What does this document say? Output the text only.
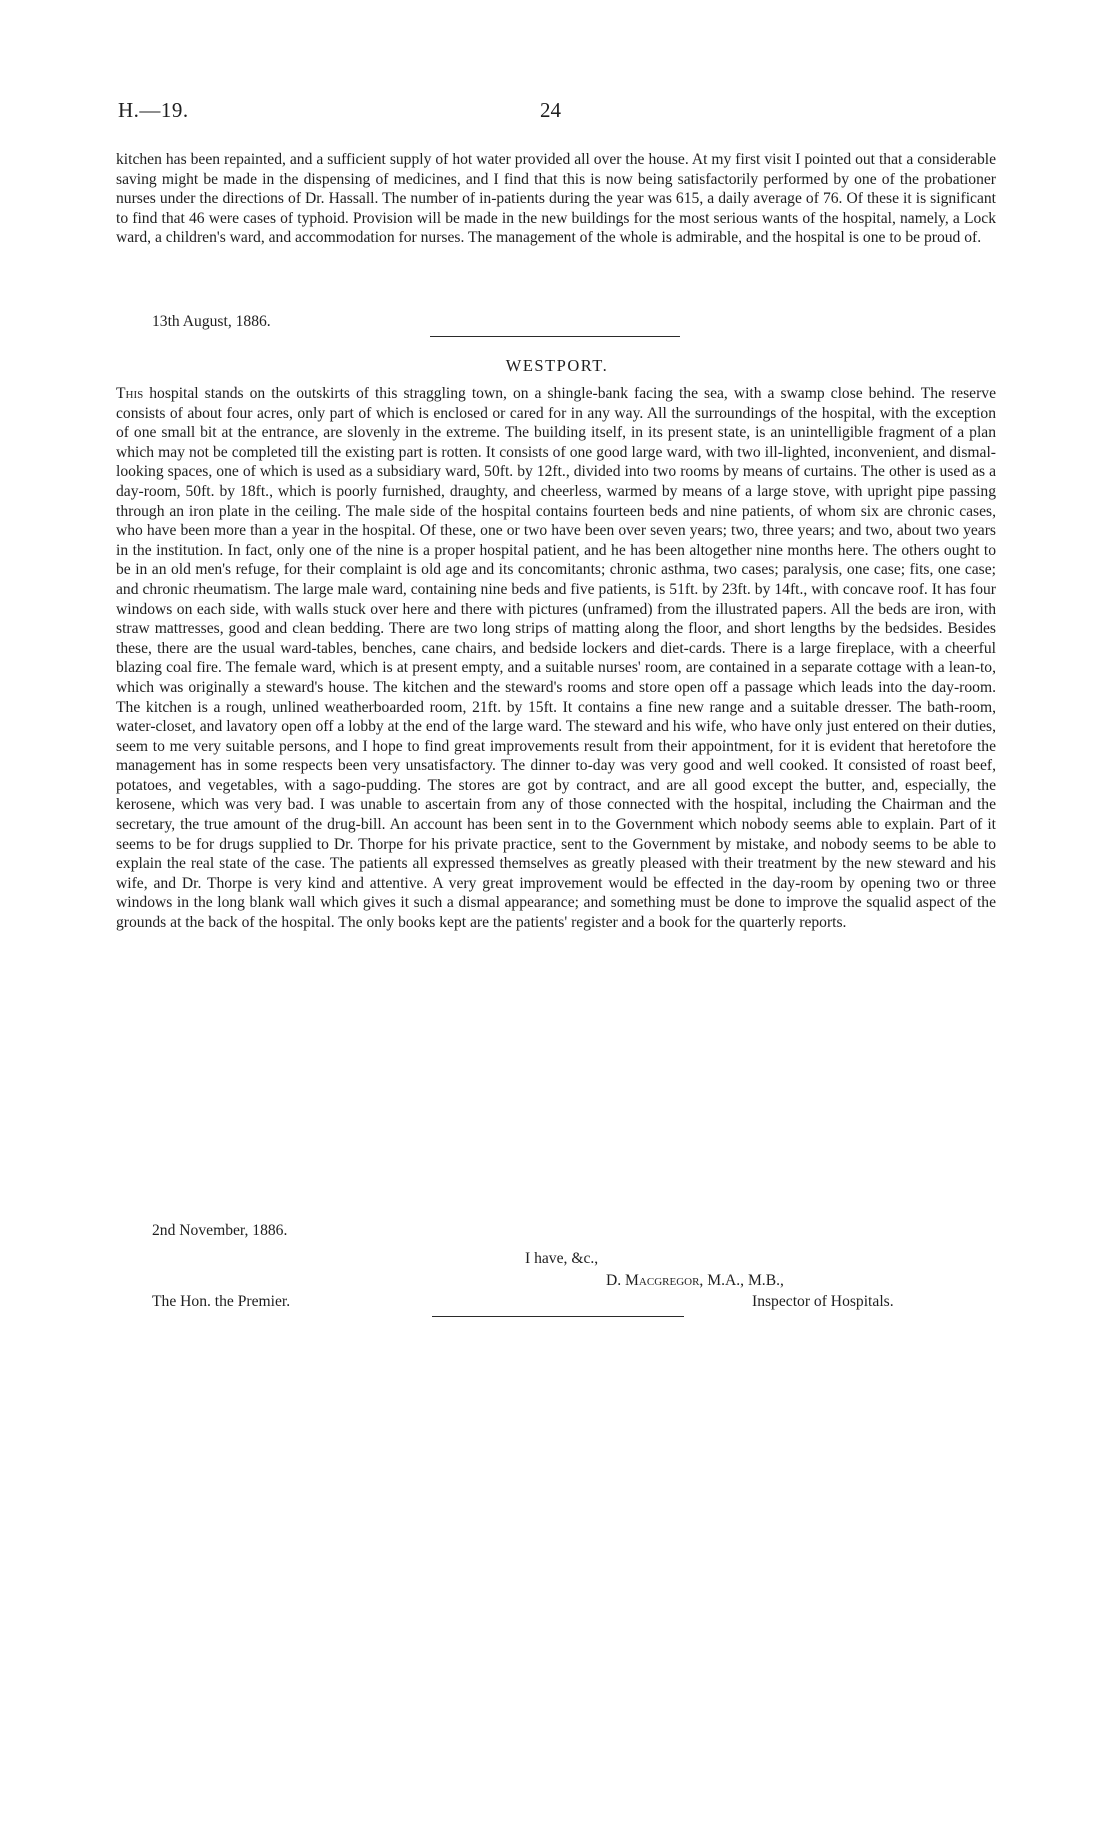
H.—19.	24
kitchen has been repainted, and a sufficient supply of hot water provided all over the house. At my first visit I pointed out that a considerable saving might be made in the dispensing of medicines, and I find that this is now being satisfactorily performed by one of the probationer nurses under the directions of Dr. Hassall. The number of in-patients during the year was 615, a daily average of 76. Of these it is significant to find that 46 were cases of typhoid. Provision will be made in the new buildings for the most serious wants of the hospital, namely, a Lock ward, a children's ward, and accommodation for nurses. The management of the whole is admirable, and the hospital is one to be proud of.
13th August, 1886.
WESTPORT.
This hospital stands on the outskirts of this straggling town, on a shingle-bank facing the sea, with a swamp close behind. The reserve consists of about four acres, only part of which is enclosed or cared for in any way. All the surroundings of the hospital, with the exception of one small bit at the entrance, are slovenly in the extreme. The building itself, in its present state, is an unintelligible fragment of a plan which may not be completed till the existing part is rotten. It consists of one good large ward, with two ill-lighted, inconvenient, and dismal-looking spaces, one of which is used as a subsidiary ward, 50ft. by 12ft., divided into two rooms by means of curtains. The other is used as a day-room, 50ft. by 18ft., which is poorly furnished, draughty, and cheerless, warmed by means of a large stove, with upright pipe passing through an iron plate in the ceiling. The male side of the hospital contains fourteen beds and nine patients, of whom six are chronic cases, who have been more than a year in the hospital. Of these, one or two have been over seven years; two, three years; and two, about two years in the institution. In fact, only one of the nine is a proper hospital patient, and he has been altogether nine months here. The others ought to be in an old men's refuge, for their complaint is old age and its concomitants; chronic asthma, two cases; paralysis, one case; fits, one case; and chronic rheumatism. The large male ward, containing nine beds and five patients, is 51ft. by 23ft. by 14ft., with concave roof. It has four windows on each side, with walls stuck over here and there with pictures (unframed) from the illustrated papers. All the beds are iron, with straw mattresses, good and clean bedding. There are two long strips of matting along the floor, and short lengths by the bedsides. Besides these, there are the usual ward-tables, benches, cane chairs, and bedside lockers and diet-cards. There is a large fireplace, with a cheerful blazing coal fire. The female ward, which is at present empty, and a suitable nurses' room, are contained in a separate cottage with a lean-to, which was originally a steward's house. The kitchen and the steward's rooms and store open off a passage which leads into the day-room. The kitchen is a rough, unlined weatherboarded room, 21ft. by 15ft. It contains a fine new range and a suitable dresser. The bath-room, water-closet, and lavatory open off a lobby at the end of the large ward. The steward and his wife, who have only just entered on their duties, seem to me very suitable persons, and I hope to find great improvements result from their appointment, for it is evident that heretofore the management has in some respects been very unsatisfactory. The dinner to-day was very good and well cooked. It consisted of roast beef, potatoes, and vegetables, with a sago-pudding. The stores are got by contract, and are all good except the butter, and, especially, the kerosene, which was very bad. I was unable to ascertain from any of those connected with the hospital, including the Chairman and the secretary, the true amount of the drug-bill. An account has been sent in to the Government which nobody seems able to explain. Part of it seems to be for drugs supplied to Dr. Thorpe for his private practice, sent to the Government by mistake, and nobody seems to be able to explain the real state of the case. The patients all expressed themselves as greatly pleased with their treatment by the new steward and his wife, and Dr. Thorpe is very kind and attentive. A very great improvement would be effected in the day-room by opening two or three windows in the long blank wall which gives it such a dismal appearance; and something must be done to improve the squalid aspect of the grounds at the back of the hospital. The only books kept are the patients' register and a book for the quarterly reports.
2nd November, 1886.
I have, &c.,
D. Macgregor, M.A., M.B.,
Inspector of Hospitals.
The Hon. the Premier.
